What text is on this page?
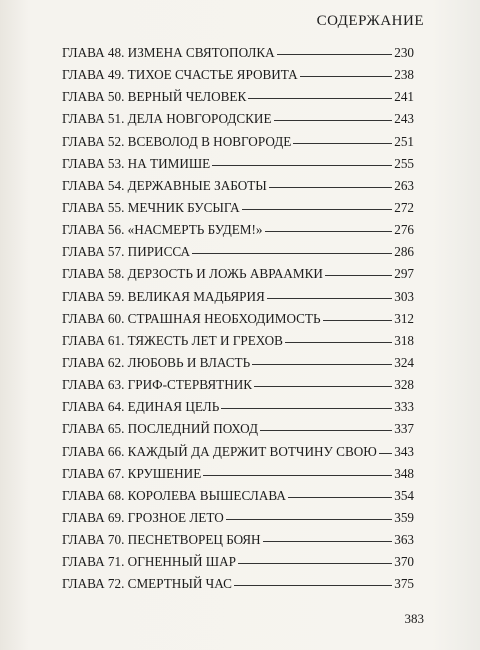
СОДЕРЖАНИЕ
ГЛАВА 48. ИЗМЕНА СВЯТОПОЛКА	230
ГЛАВА 49. ТИХОЕ СЧАСТЬЕ ЯРОВИТА	238
ГЛАВА 50. ВЕРНЫЙ ЧЕЛОВЕК	241
ГЛАВА 51. ДЕЛА НОВГОРОДСКИЕ	243
ГЛАВА 52. ВСЕВОЛОД В НОВГОРОДЕ	251
ГЛАВА 53. НА ТИМИШЕ	255
ГЛАВА 54. ДЕРЖАВНЫЕ ЗАБОТЫ	263
ГЛАВА 55. МЕЧНИК БУСЫГА	272
ГЛАВА 56. «НАСМЕРТЬ БУДЕМ!»	276
ГЛАВА 57. ПИРИССА	286
ГЛАВА 58. ДЕРЗОСТЬ И ЛОЖЬ АВРААМКИ	297
ГЛАВА 59. ВЕЛИКАЯ МАДЬЯРИЯ	303
ГЛАВА 60. СТРАШНАЯ НЕОБХОДИМОСТЬ	312
ГЛАВА 61. ТЯЖЕСТЬ ЛЕТ И ГРЕХОВ	318
ГЛАВА 62. ЛЮБОВЬ И ВЛАСТЬ	324
ГЛАВА 63. ГРИФ-СТЕРВЯТНИК	328
ГЛАВА 64. ЕДИНАЯ ЦЕЛЬ	333
ГЛАВА 65. ПОСЛЕДНИЙ ПОХОД	337
ГЛАВА 66. КАЖДЫЙ ДА ДЕРЖИТ ВОТЧИНУ СВОЮ 343
ГЛАВА 67. КРУШЕНИЕ	348
ГЛАВА 68. КОРОЛЕВА ВЫШЕСЛАВА	354
ГЛАВА 69. ГРОЗНОЕ ЛЕТО	359
ГЛАВА 70. ПЕСНЕТВОРЕЦ БОЯН	363
ГЛАВА 71. ОГНЕННЫЙ ШАР	370
ГЛАВА 72. СМЕРТНЫЙ ЧАС	375
383
